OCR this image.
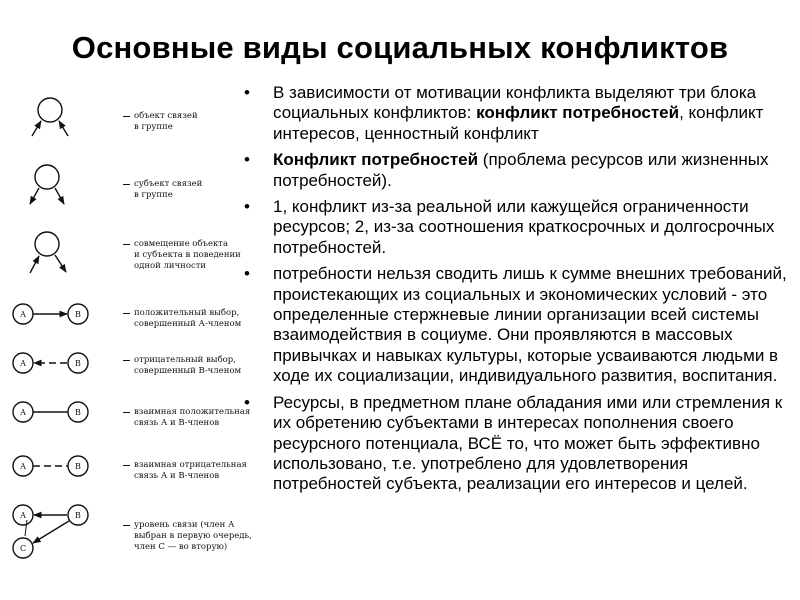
Основные виды социальных конфликтов
А	В
А	В
А	В
А	В
А	В
С
объект связей
в группе
субъект связей
в группе
совмещение объекта
и субъекта в поведении
одной личности
положительный выбор,
совершенный А-членом
отрицательный выбор,
совершенный В-членом
взаимная положительная
связь А и В-членов
взаимная отрицательная
связь А и В-членов
уровень связи (член А
выбран в первую очередь,
член С — во вторую)
• В зависимости от мотивации конфликта выделяют три блока социальных конфликтов: конфликт потребностей, конфликт интересов, ценностный конфликт
• Конфликт потребностей (проблема ресурсов или жизненных потребностей).
• 1, конфликт из-за реальной или кажущейся ограниченности ресурсов; 2, из-за соотношения краткосрочных и долгосрочных потребностей.
• потребности нельзя сводить лишь к сумме внешних требований, проистекающих из социальных и экономических условий - это определенные стержневые линии организации всей системы взаимодействия в социуме. Они проявляются в массовых привычках и навыках культуры, которые усваиваются людьми в ходе их социализации, индивидуального развития, воспитания.
• Ресурсы, в предметном плане обладания ими или стремления к их обретению субъектами в интересах пополнения своего ресурсного потенциала, ВСЁ то, что может быть эффективно использовано, т.е. употреблено для удовлетворения потребностей субъекта, реализации его интересов и целей.
